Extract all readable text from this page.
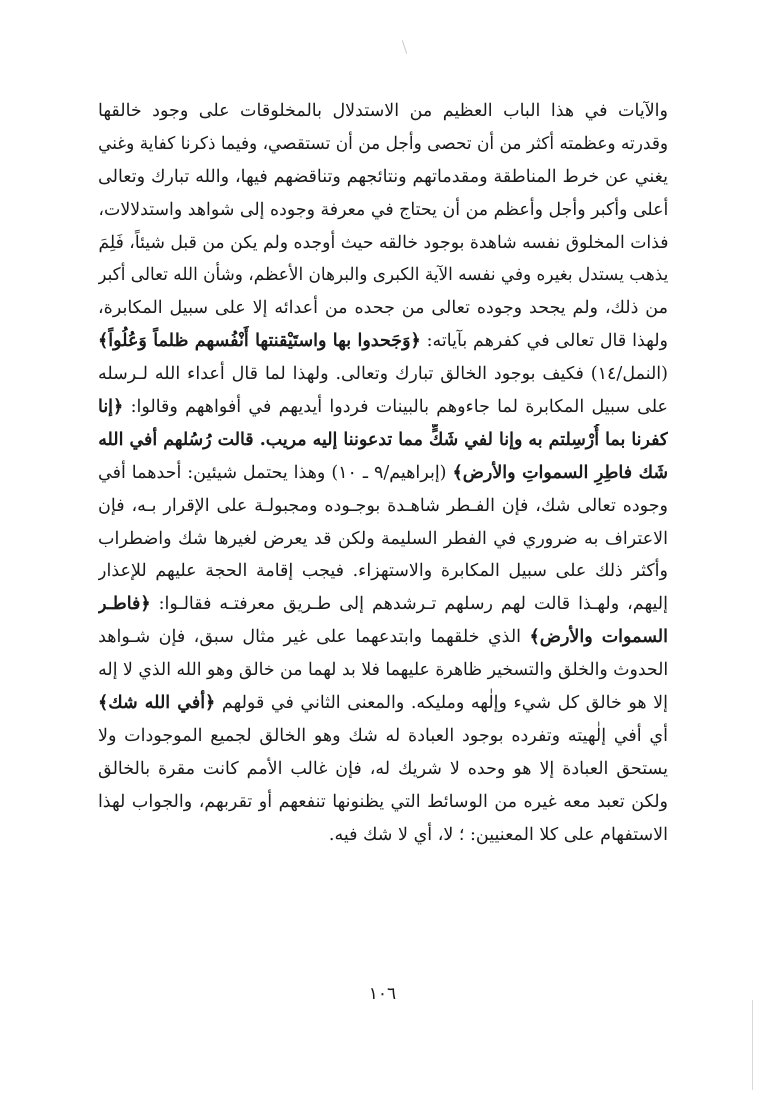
والآيات في هذا الباب العظيم من الاستدلال بالمخلوقات على وجود خالقها
وقدرته وعظمته أكثر من أن تحصى وأجل من أن تستقصي، وفيما ذكرنا كفاية وغني
يغني عن خرط المناطقة ومقدماتهم ونتائجهم وتناقضهم فيها، والله تبارك وتعالى
أعلى وأكبر وأجل وأعظم من أن يحتاج في معرفة وجوده إلى شواهد واستدلالات،
فذات المخلوق نفسه شاهدة بوجود خالقه حيث أوجده ولم يكن من قبل شيئاً، فَلِمَ
يذهب يستدل بغيره وفي نفسه الآية الكبرى والبرهان الأعظم، وشأن الله تعالى أكبر
من ذلك، ولم يجحد وجوده تعالى من جحده من أعدائه إلا على سبيل المكابرة،
ولهذا قال تعالى في كفرهم بآياته: ﴿وَجَحدوا بها واستَيْقنتها أَنْفُسهم ظلماً وَعُلُواً﴾
(النمل/١٤) فكيف بوجود الخالق تبارك وتعالى. ولهذا لما قال أعداء الله لـرسله
على سبيل المكابرة لما جاءوهم بالبينات فردوا أيديهم في أفواههم وقالوا: ﴿إنا
كفرنا بما أُرْسِلتم به وإنا لفي شَكٍّ مما تدعوننا إليه مريب. قالت رُسُلهم أفي الله
شَك فاطِرِ السمواتِ والأرض﴾ (إبراهيم/٩ ـ ١٠) وهذا يحتمل شيئين: أحدهما أفي
وجوده تعالى شك، فإن الفـطر شاهـدة بوجـوده ومجبولـة على الإقرار بـه، فإن
الاعتراف به ضروري في الفطر السليمة ولكن قد يعرض لغيرها شك واضطراب
وأكثر ذلك على سبيل المكابرة والاستهزاء. فيجب إقامة الحجة عليهم للإعذار
إليهم، ولهـذا قالت لهم رسلهم تـرشدهم إلى طـريق معرفتـه فقالـوا: ﴿فاطـر
السموات والأرض﴾ الذي خلقهما وابتدعهما على غير مثال سبق، فإن شـواهد
الحدوث والخلق والتسخير ظاهرة عليهما فلا بد لهما من خالق وهو الله الذي لا إله
إلا هو خالق كل شيء وإلٰهه ومليكه. والمعنى الثاني في قولهم ﴿أفي الله شك﴾
أي أفي إلٰهيته وتفرده بوجود العبادة له شك وهو الخالق لجميع الموجودات ولا
يستحق العبادة إلا هو وحده لا شريك له، فإن غالب الأمم كانت مقرة بالخالق
ولكن تعبد معه غيره من الوسائط التي يظنونها تنفعهم أو تقربهم، والجواب لهذا
الاستفهام على كلا المعنيين: ؛ لا، أي لا شك فيه.
١٠٦
